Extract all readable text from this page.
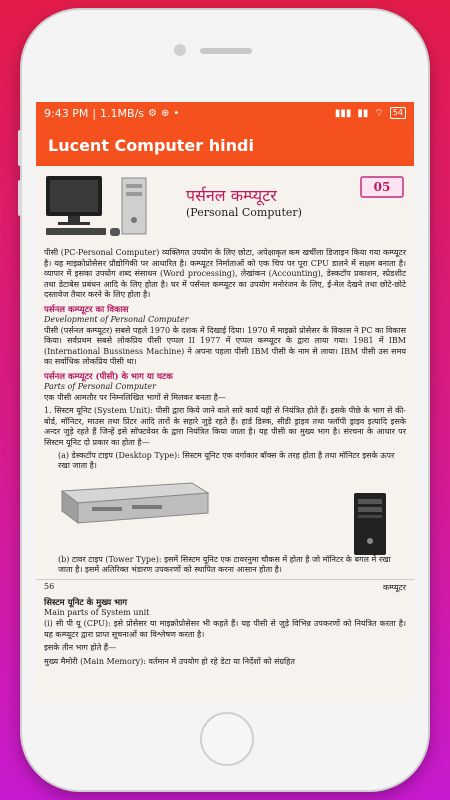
9:43 PM | 1.1MB/s ⚙ ⊕ •	▮▮▮ ▮▮ ⌔	54
Lucent Computer hindi
05
पर्सनल कम्प्यूटर
(Personal Computer)

पीसी (PC-Personal Computer) व्यक्तिगत उपयोग के लिए छोटा, अपेक्षाकृत कम खर्चीला डिजाइन किया गया कम्प्यूटर है। यह माइक्रोप्रोसेसर प्रौद्योगिकी पर आधारित है। कम्प्यूटर निर्माताओं को एक चिप पर पूरा CPU डालने में सक्षम बनाता है। व्यापार में इसका उपयोग शब्द संसाधन (Word processing), लेखांकन (Accounting), डेस्कटॉप प्रकाशन, स्प्रेडशीट तथा डेटाबेस प्रबंधन आदि के लिए होता है। घर में पर्सनल कम्प्यूटर का उपयोग मनोरंजन के लिए, ई-मेल देखने तथा छोटे-छोटे दस्तावेज तैयार करने के लिए होता है।

पर्सनल कम्प्यूटर का विकास

Development of Personal Computer

पीसी (पर्सनल कम्प्यूटर) सबसे पहले 1970 के दशक में दिखाई दिया। 1970 में माइक्रो प्रोसेसर के विकास ने PC का विकास किया। सर्वप्रथम सबसे लोकप्रिय पीसी एप्पल II 1977 में एप्पल कम्प्यूटर के द्वारा लाया गया। 1981 में IBM (International Bussiness Machine) ने अपना पहला पीसी IBM पीसी के नाम से लाया। IBM पीसी उस समय का सर्वाधिक लोकप्रिय पीसी था।

पर्सनल कम्प्यूटर (पीसी) के भाग या घटक

Parts of Personal Computer

एक पीसी आमतौर पर निम्नलिखित भागों से मिलकर बनता है—

1. सिस्टम यूनिट (System Unit): पीसी द्वारा किये जाने वाले सारे कार्य यहीं से नियंत्रित होते हैं। इसके पीछे के भाग से की-बोर्ड, मॉनिटर, माउस तथा प्रिंटर आदि तारों के सहारे जुड़े रहते हैं। हार्ड डिस्क, सीडी ड्राइव तथा फ्लॉपी ड्राइव इत्यादि इसके अन्दर जुड़े रहते हैं जिन्हें इसे सॉफ्टवेयर के द्वारा नियंत्रित किया जाता है। यह पीसी का मुख्य भाग है। संरचना के आधार पर सिस्टम यूनिट दो प्रकार का होता है—

(a) डेस्कटॉप टाइप (Desktop Type): सिस्टम यूनिट एक वर्गाकार बॉक्स के तरह होता है तथा मॉनिटर इसके ऊपर रखा जाता है।

(b) टावर टाइप (Tower Type): इसमें सिस्टम यूनिट एक टावरनुमा चौकस में होता है जो मॉनिटर के बगल में रखा जाता है। इसमें अतिरिक्त भंडारण उपकरणों को स्थापित करना आसान होता है।

56	कम्प्यूटर

सिस्टम यूनिट के मुख्य भाग

Main parts of System unit

(i) सी पी यू (CPU): इसे प्रोसेसर या माइक्रोप्रोसेसर भी कहते हैं। यह पीसी से जुड़े विभिन्न उपकरणों को नियंत्रित करता है। यह कम्प्यूटर द्वारा प्राप्त सूचनाओं का विश्लेषण करता है।

इसके तीन भाग होते हैं—

मुख्य मैमोरी (Main Memory): वर्तमान में उपयोग हो रहे डेटा या निर्देशों को संग्रहित
